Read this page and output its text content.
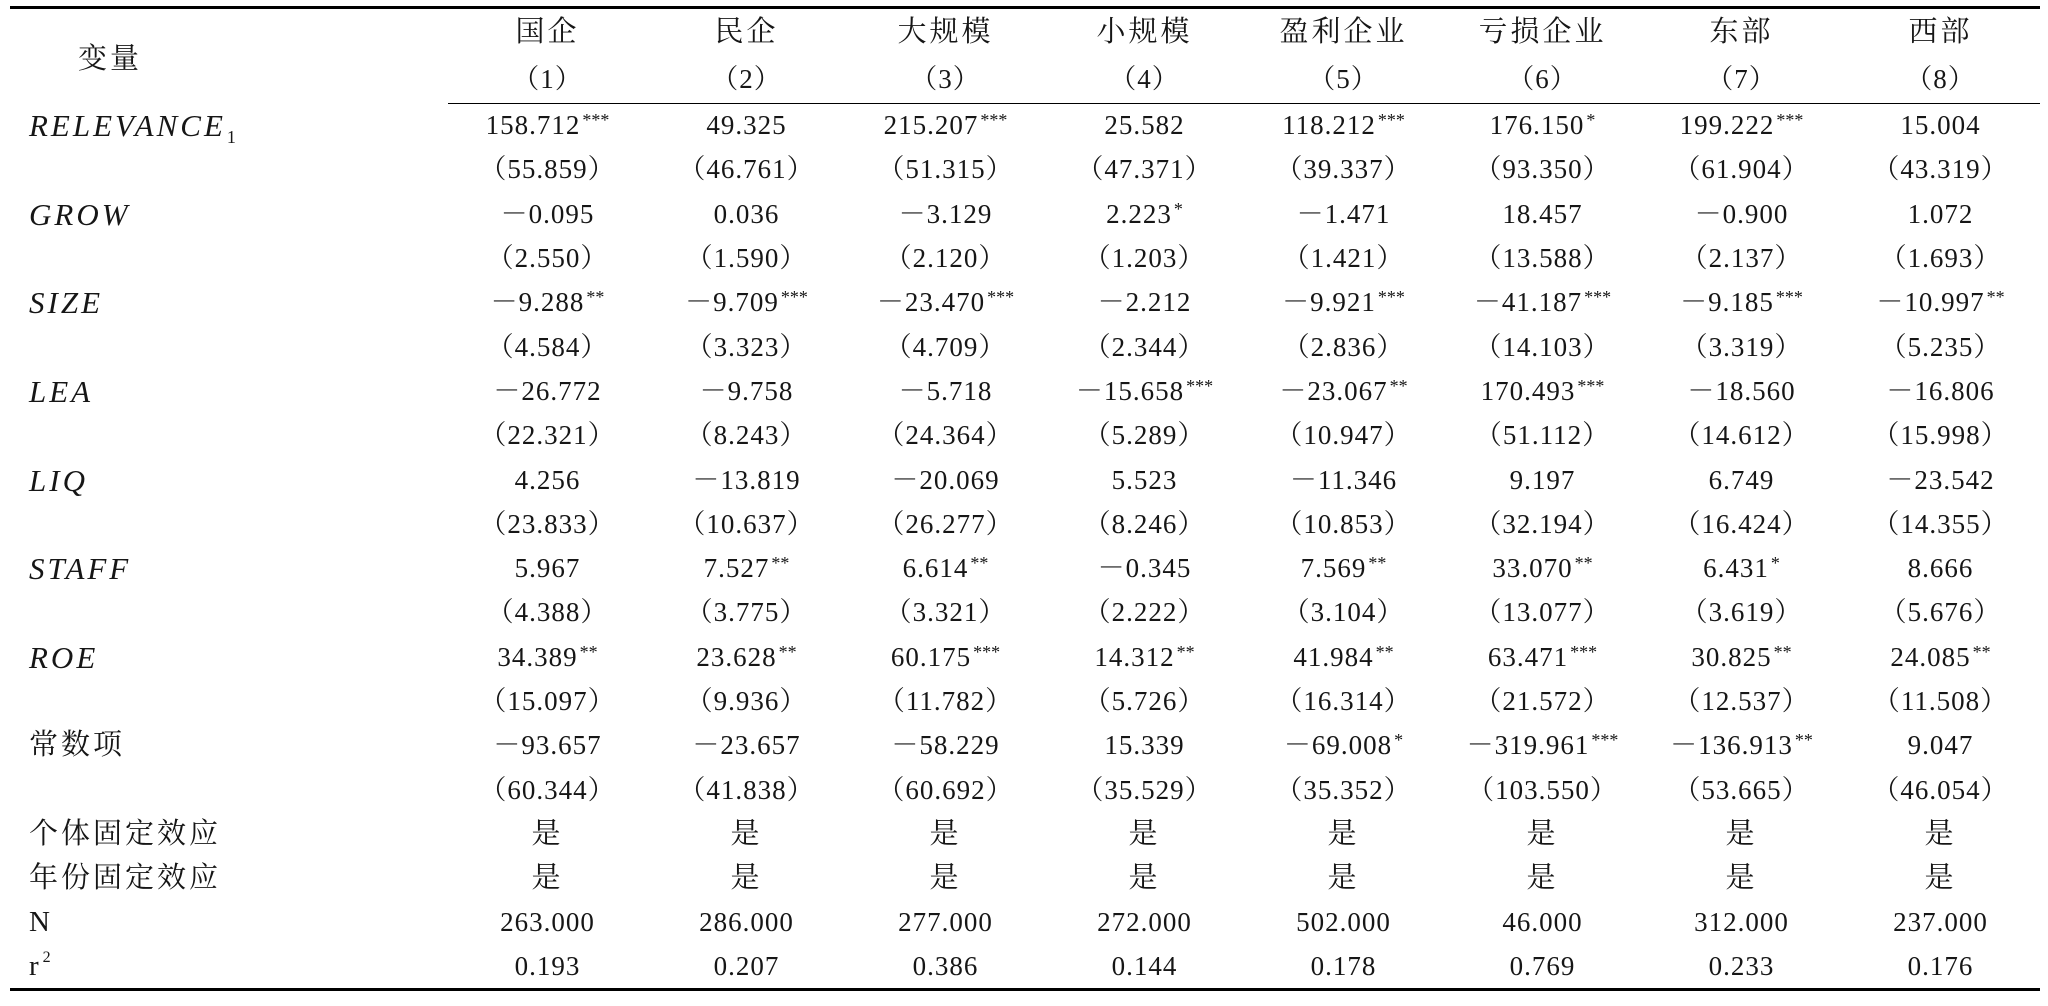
变量	国企	民企	大规模	小规模	盈利企业	亏损企业	东部	西部
	（1）	（2）	（3）	（4）	（5）	（6）	（7）	（8）
RELEVANCE1	158.712 ***	49.325	215.207 ***	25.582	118.212 ***	176.150 *	199.222 ***	15.004
	（55.859）	（46.761）	（51.315）	（47.371）	（39.337）	（93.350）	（61.904）	（43.319）
GROW	－0.095	0.036	－3.129	2.223 *	－1.471	18.457	－0.900	1.072
	（2.550）	（1.590）	（2.120）	（1.203）	（1.421）	（13.588）	（2.137）	（1.693）
SIZE	－9.288 **	－9.709 ***	－23.470 ***	－2.212	－9.921 ***	－41.187 ***	－9.185 ***	－10.997 **
	（4.584）	（3.323）	（4.709）	（2.344）	（2.836）	（14.103）	（3.319）	（5.235）
LEA	－26.772	－9.758	－5.718	－15.658 ***	－23.067 **	170.493 ***	－18.560	－16.806
	（22.321）	（8.243）	（24.364）	（5.289）	（10.947）	（51.112）	（14.612）	（15.998）
LIQ	4.256	－13.819	－20.069	5.523	－11.346	9.197	6.749	－23.542
	（23.833）	（10.637）	（26.277）	（8.246）	（10.853）	（32.194）	（16.424）	（14.355）
STAFF	5.967	7.527 **	6.614 **	－0.345	7.569 **	33.070 **	6.431 *	8.666
	（4.388）	（3.775）	（3.321）	（2.222）	（3.104）	（13.077）	（3.619）	（5.676）
ROE	34.389 **	23.628 **	60.175 ***	14.312 **	41.984 **	63.471 ***	30.825 **	24.085 **
	（15.097）	（9.936）	（11.782）	（5.726）	（16.314）	（21.572）	（12.537）	（11.508）
常数项	－93.657	－23.657	－58.229	15.339	－69.008 *	－319.961 ***	－136.913 **	9.047
	（60.344）	（41.838）	（60.692）	（35.529）	（35.352）	（103.550）	（53.665）	（46.054）
个体固定效应	是	是	是	是	是	是	是	是
年份固定效应	是	是	是	是	是	是	是	是
N	263.000	286.000	277.000	272.000	502.000	46.000	312.000	237.000
r 2	0.193	0.207	0.386	0.144	0.178	0.769	0.233	0.176
